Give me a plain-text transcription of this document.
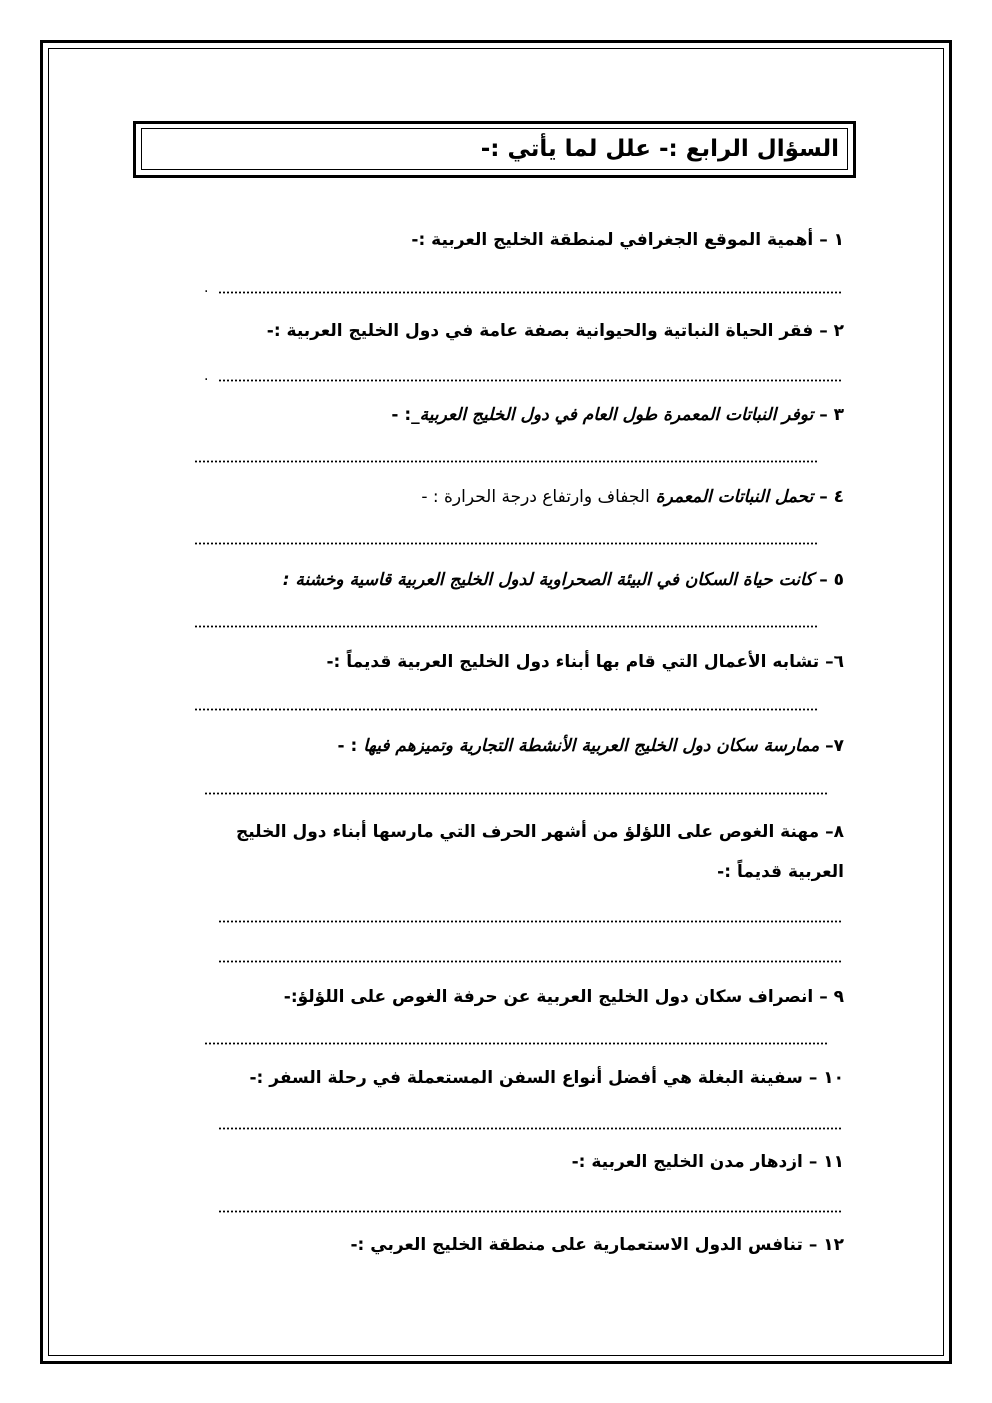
السؤال الرابع :- علل لما يأتي :-
١ – أهمية الموقع الجغرافي لمنطقة الخليج العربية :-
.
٢ – فقر الحياة النباتية والحيوانية بصفة عامة في دول الخليج العربية :-
.
٣ – توفر النباتات المعمرة طول العام في دول الخليج العربية_: -
٤ – تحمل النباتات المعمرة الجفاف وارتفاع درجة الحرارة : -
٥ – كانت حياة السكان في البيئة الصحراوية لدول الخليج العربية قاسية وخشنة :
٦– تشابه الأعمال التي قام بها أبناء دول الخليج العربية قديماً :-
٧– ممارسة سكان دول الخليج العربية الأنشطة التجارية وتميزهم فيها : -
٨– مهنة الغوص على اللؤلؤ من أشهر الحرف التي مارسها أبناء دول الخليج
العربية قديماً :-
٩ – انصراف سكان دول الخليج العربية عن حرفة الغوص على اللؤلؤ:-
١٠ – سفينة البغلة هي أفضل أنواع السفن المستعملة في رحلة السفر :-
١١ – ازدهار مدن الخليج العربية :-
١٢ – تنافس الدول الاستعمارية على منطقة الخليج العربي :-
